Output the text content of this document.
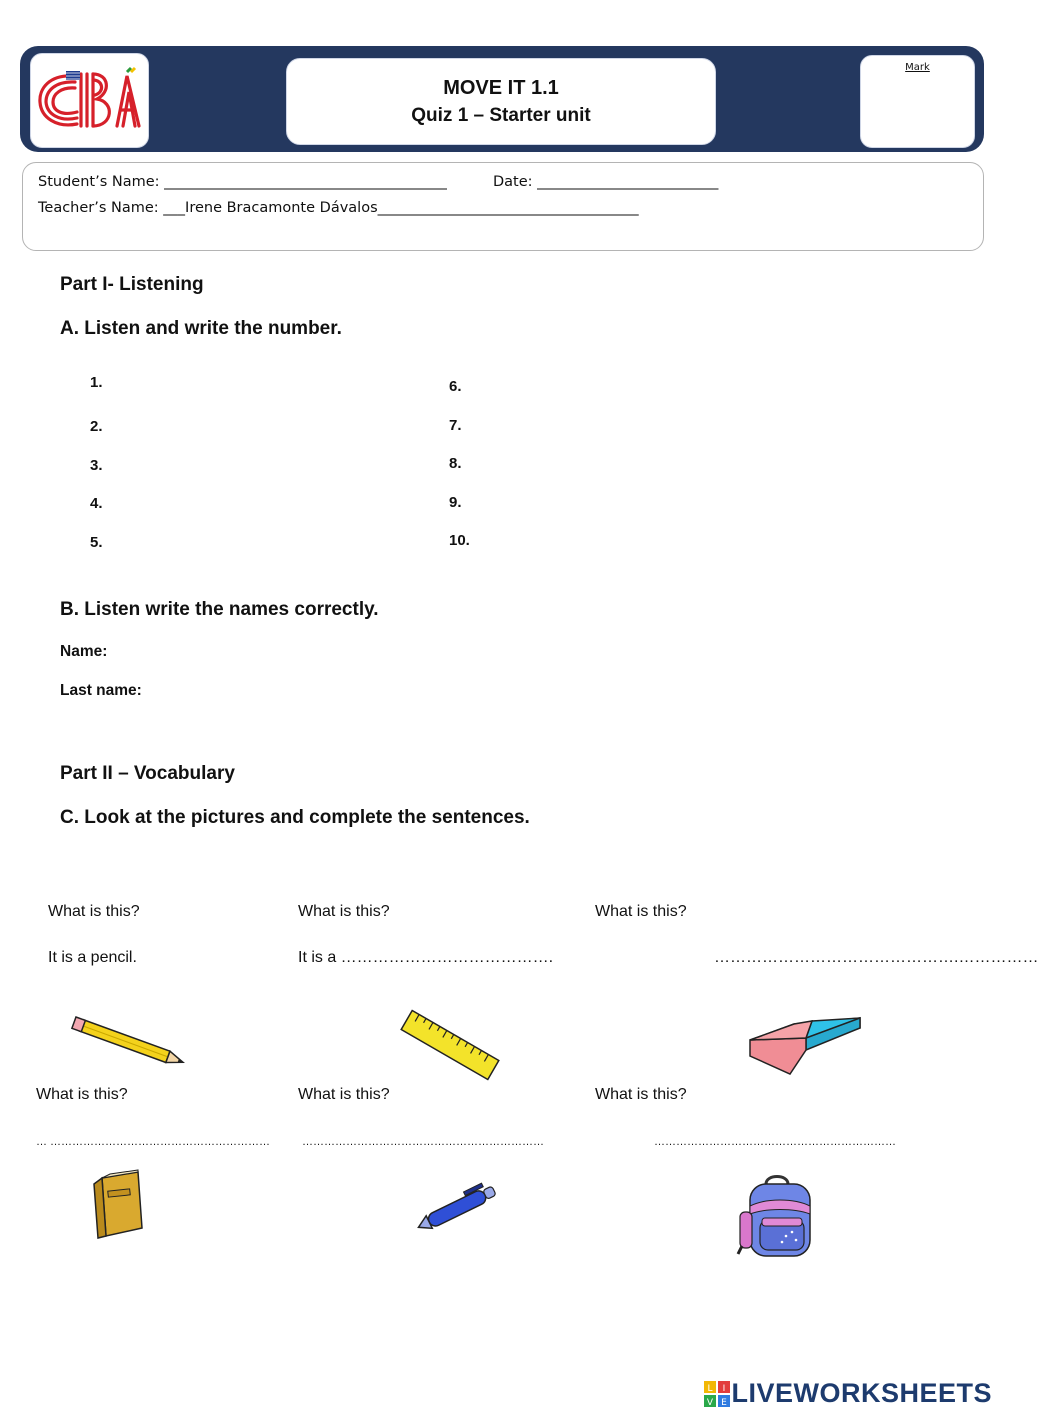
MOVE IT 1.1
Quiz 1 – Starter unit
Mark
Student’s Name: _______________________________________          Date: _________________________
Teacher’s Name: ___Irene Bracamonte Dávalos____________________________________
Part I- Listening
A. Listen and write the number.
1.
2.
3.
4.
5.
6.
7.
8.
9.
10.
B. Listen write the names correctly.
Name:
Last name:
Part II – Vocabulary
C. Look at the pictures and complete the sentences.
What is this?	What is this?	What is this?
It is a pencil.	It is a ………………………………….	……………………………………….……………
What is this?	What is this?	What is this?
… ……………………………………………………	…………………………………………………………	…………………………………………………………
L I
V E LIVEWORKSHEETS
